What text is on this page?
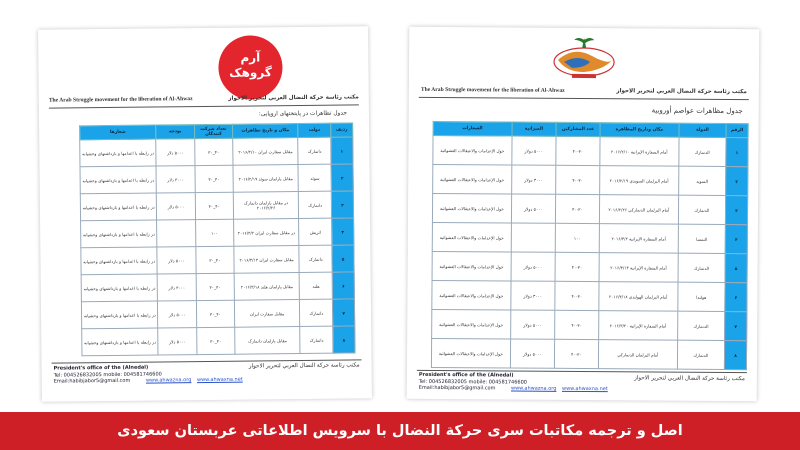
آرم گروهک
The Arab Struggle movement for the liberation of Al-Ahwaz	مكتب رئاسة حركة النضال العربي لتحرير الاحواز
جدول تظاهرات در پایتختهای اروپایی:
ردیف	دولت	مکان و تاریخ تظاهرات	تعداد شرکت کنندگان	بودجه	شعارها
۱	دانمارک	مقابل سفارت ایران ۲۰۱۶/۲/۱۰	۴۰_۳۰	۵۰۰۰ دلار	در رابطه با اعدامها و بازداشتهای وحشیانه
۲	سوئد	مقابل پارلمان سوئد ۲۰۱۶/۲/۱۹	۴۰_۳۰	۳۰۰۰ دلار	در رابطه با اعدامها و بازداشتهای وحشیانه
۳	دانمارک	در مقابل پارلمان دانمارک ۲۰۱۶/۲/۲۶	۴۰_۳۰	۵۰۰۰ دلار	در رابطه با اعدامها و بازداشتهای وحشیانه
۴	اتریش	در مقابل سفارت ایران ۲۰۱۶/۳/۲	۱۰۰		در رابطه با اعدامها و بازداشتهای وحشیانه
۵	دانمارک	مقابل سفارت ایران ۲۰۱۶/۳/۱۳	۴۰_۳۰	۵۰۰۰ دلار	در رابطه با اعدامها و بازداشتهای وحشیانه
۶	هلند	مقابل پارلمان هلند ۲۰۱۶/۳/۱۸	۴۰_۳۰	۳۰۰۰ دلار	در رابطه با اعدامها و بازداشتهای وحشیانه
۷	دانمارک	مقابل سفارت ایران	۴۰_۳۰	۵۰۰۰ دلار	در رابطه با اعدامها و بازداشتهای وحشیانه
۸	دانمارک	مقابل پارلمان دانمارک	۴۰_۳۰	۵۰۰۰ دلار	در رابطه با اعدامها و بازداشتهای وحشیانه
President's office of the (Alnedal)
Tel: 004526832005 mobile: 004581746600
Email:habibjabor5@gmail.com	www.ahwazna.org www.ahwaxna.net
مكتب رئاسة حركة النضال العربي لتحرير الاحواز
The Arab Struggle movement for the liberation of Al-Ahwaz	مكتب رئاسة حركة النضال العربي لتحرير الاحواز
جدول مظاهرات عواصم أوروبية
الرقم	الدولة	مكان وتاريخ المظاهرة	عدد المشاركين	الميزانية	الشعارات
۱	الدنمارك	أمام السفارة الإيرانية ۲۰۱۶/۲/۱۰	۴۰-۳۰	۵۰۰۰ دولار	حول الإعدامات والاعتقالات العشوائية
۲	السويد	أمام البرلمان السويدي ۲۰۱۶/۲/۱۹	۴۰-۳۰	۳۰۰۰ دولار	حول الإعدامات والاعتقالات العشوائية
۳	الدنمارك	أمام البرلمان الدنماركي ۲۰۱۶/۲/۲۶	۴۰-۳۰	۵۰۰۰ دولار	حول الإعدامات والاعتقالات العشوائية
۴	النمسا	أمام السفارة الإيرانية ۲۰۱۶/۳/۲	۱۰۰		حول الإعدامات والاعتقالات العشوائية
۵	الدنمارك	أمام السفارة الإيرانية ۲۰۱۶/۳/۱۳	۴۰-۳۰	۵۰۰۰ دولار	حول الإعدامات والاعتقالات العشوائية
۶	هولندا	أمام البرلمان الهولندي ۲۰۱۶/۳/۱۸	۴۰-۳۰	۳۰۰۰ دولار	حول الإعدامات والاعتقالات العشوائية
۷	الدنمارك	أمام السفارة الإيرانية ۲۰۱۶/۳/۲۰	۴۰-۳۰	۵۰۰۰ دولار	حول الإعدامات والاعتقالات العشوائية
۸	الدنمارك	أمام البرلمان الدنماركي	۴۰-۳۰	۵۰۰۰ دولار	حول الإعدامات والاعتقالات العشوائية
President's office of the (Alnedal)
Tel: 004526832005 mobile: 004581746600
Email:habibjabor5@gmail.com	www.ahwazna.org www.ahwaxna.net
مكتب رئاسة حركة النضال العربي لتحرير الاحواز
اصل و ترجمه مکاتبات سری حرکة النضال با سرویس اطلاعاتی عربستان سعودی
